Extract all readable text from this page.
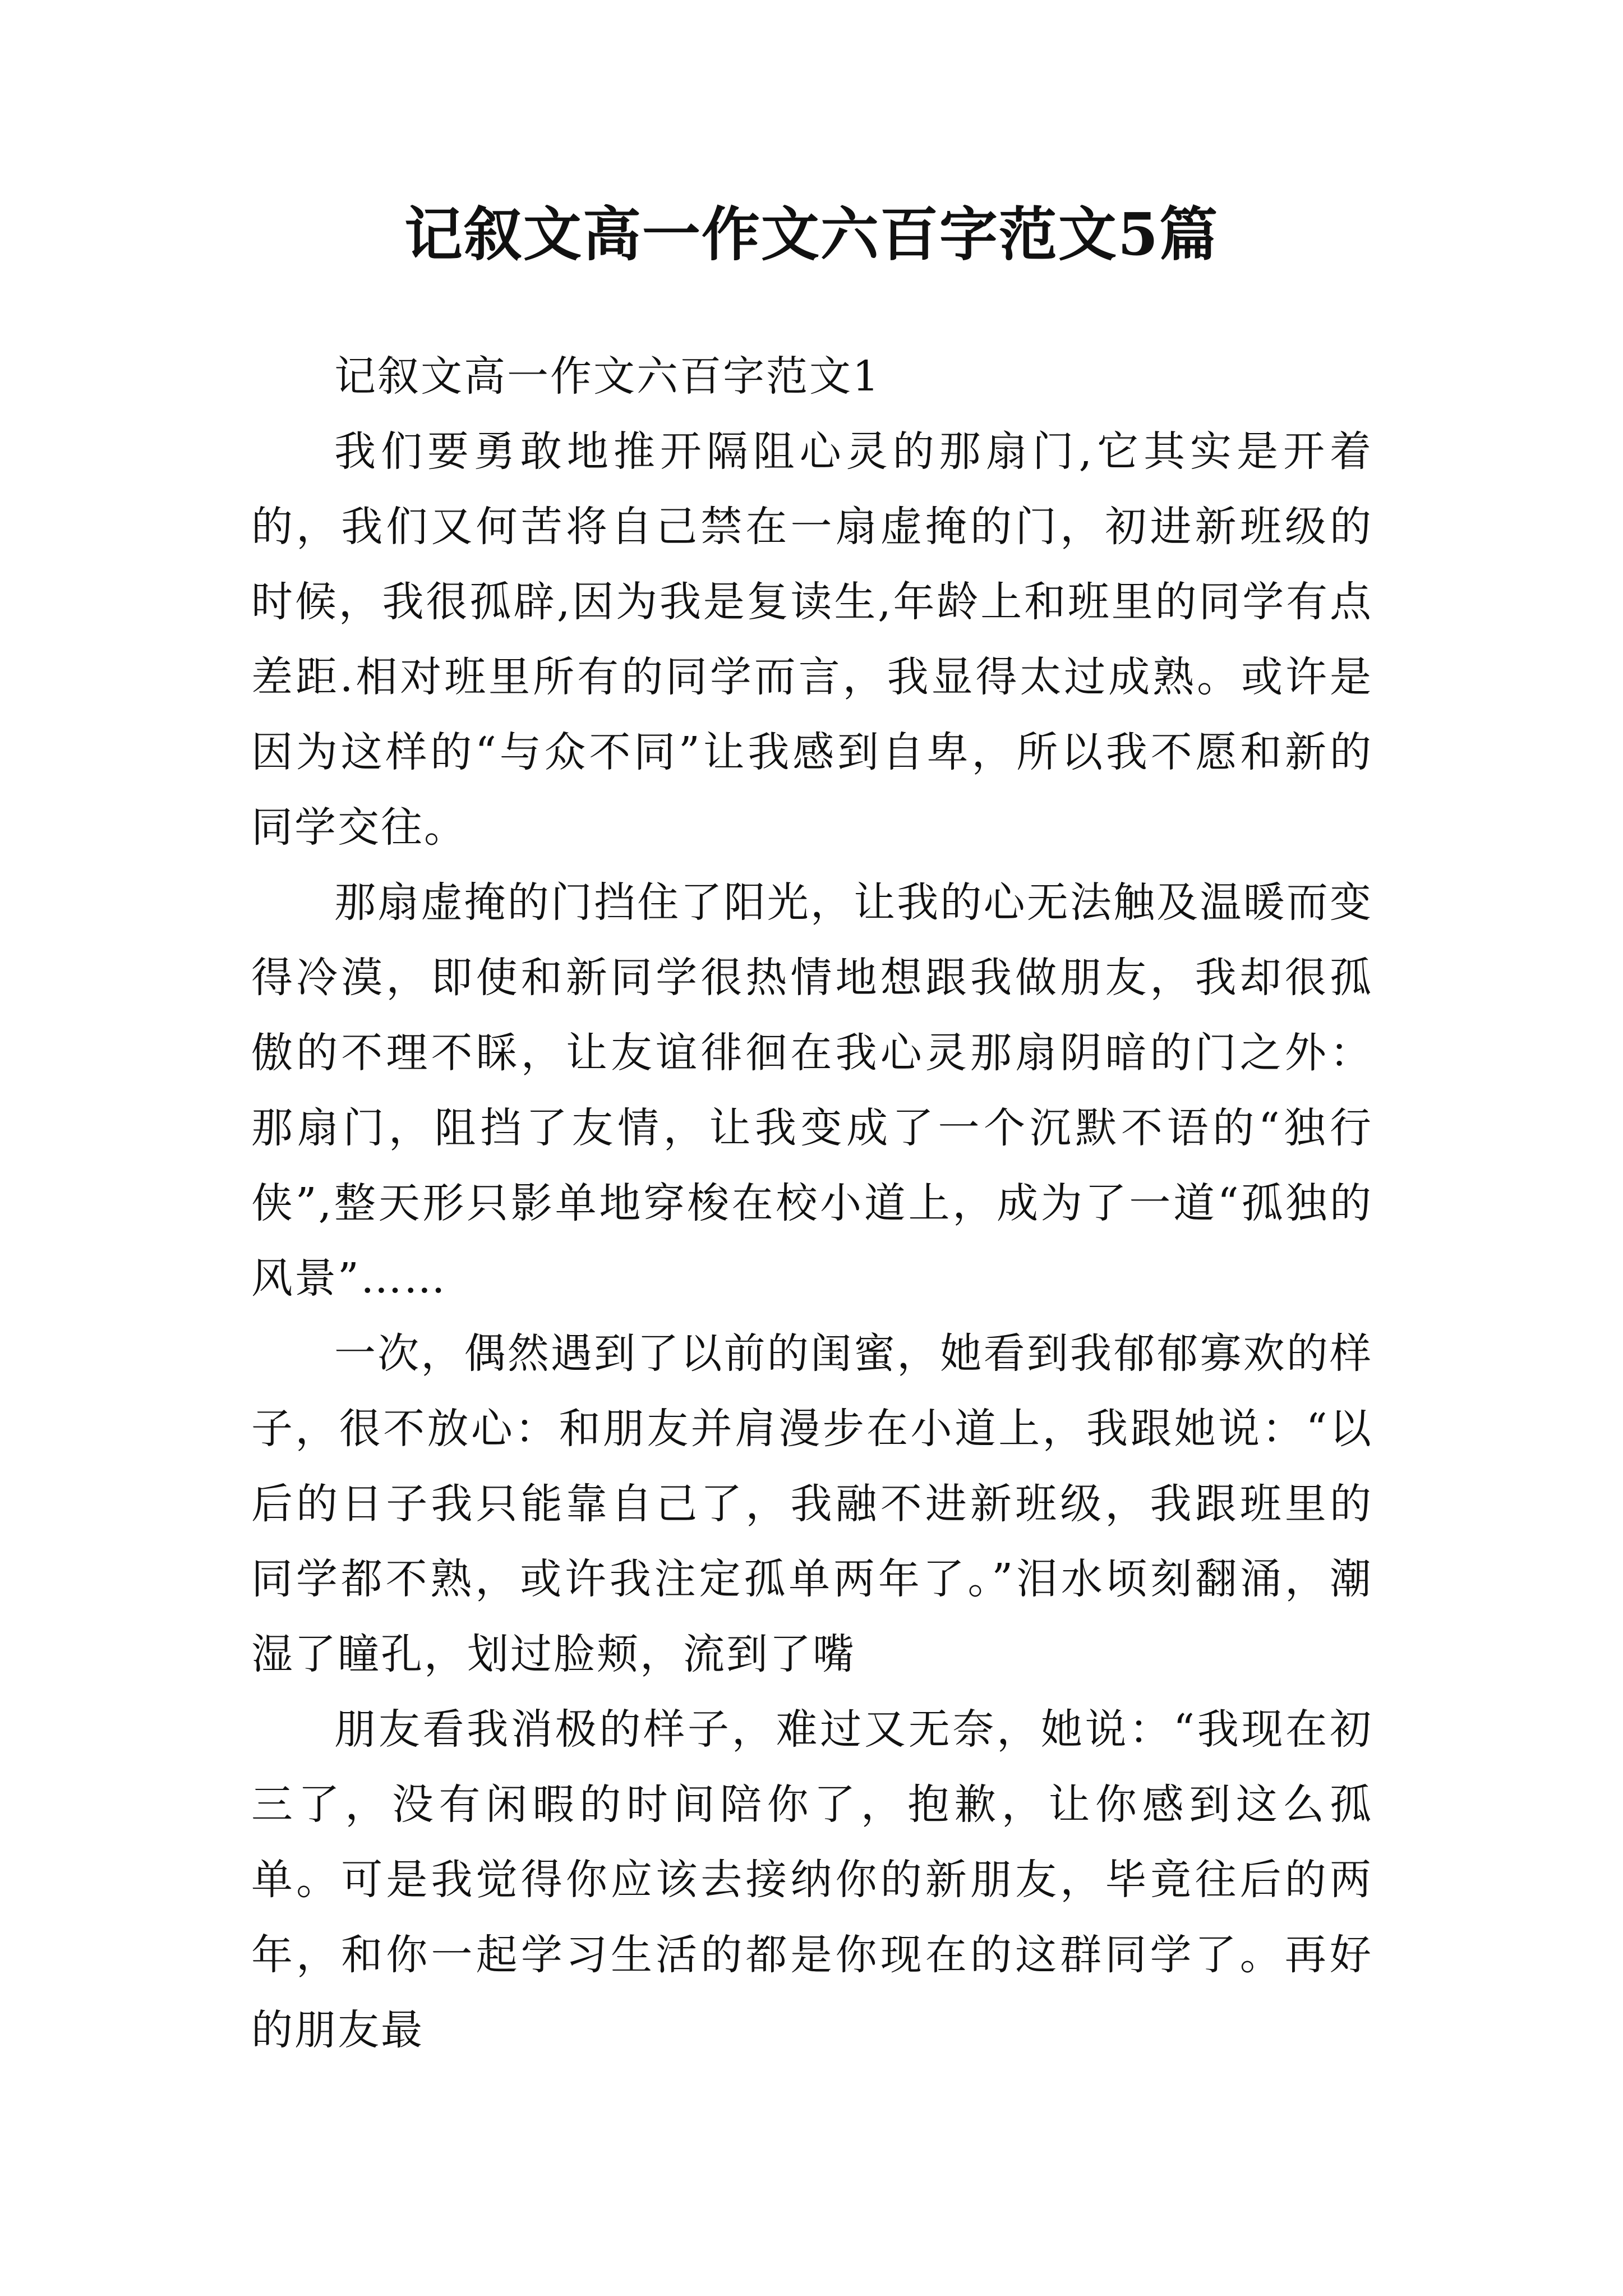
记叙文高一作文六百字范文5篇

记叙文高一作文六百字范文1

我们要勇敢地推开隔阻心灵的那扇门,它其实是开着的，我们又何苦将自己禁在一扇虚掩的门，初进新班级的时候，我很孤辟,因为我是复读生,年龄上和班里的同学有点差距.相对班里所有的同学而言，我显得太过成熟。或许是因为这样的“与众不同”让我感到自卑，所以我不愿和新的同学交往。

那扇虚掩的门挡住了阳光，让我的心无法触及温暖而变得冷漠，即使和新同学很热情地想跟我做朋友，我却很孤傲的不理不睬，让友谊徘徊在我心灵那扇阴暗的门之外：那扇门，阻挡了友情，让我变成了一个沉默不语的“独行侠”,整天形只影单地穿梭在校小道上，成为了一道“孤独的风景”……

一次，偶然遇到了以前的闺蜜，她看到我郁郁寡欢的样子，很不放心：和朋友并肩漫步在小道上，我跟她说：“以后的日子我只能靠自己了，我融不进新班级，我跟班里的同学都不熟，或许我注定孤单两年了。”泪水顷刻翻涌，潮湿了瞳孔，划过脸颊，流到了嘴

朋友看我消极的样子，难过又无奈，她说：“我现在初三了，没有闲暇的时间陪你了，抱歉，让你感到这么孤单。可是我觉得你应该去接纳你的新朋友，毕竟往后的两年，和你一起学习生活的都是你现在的这群同学了。再好的朋友最
